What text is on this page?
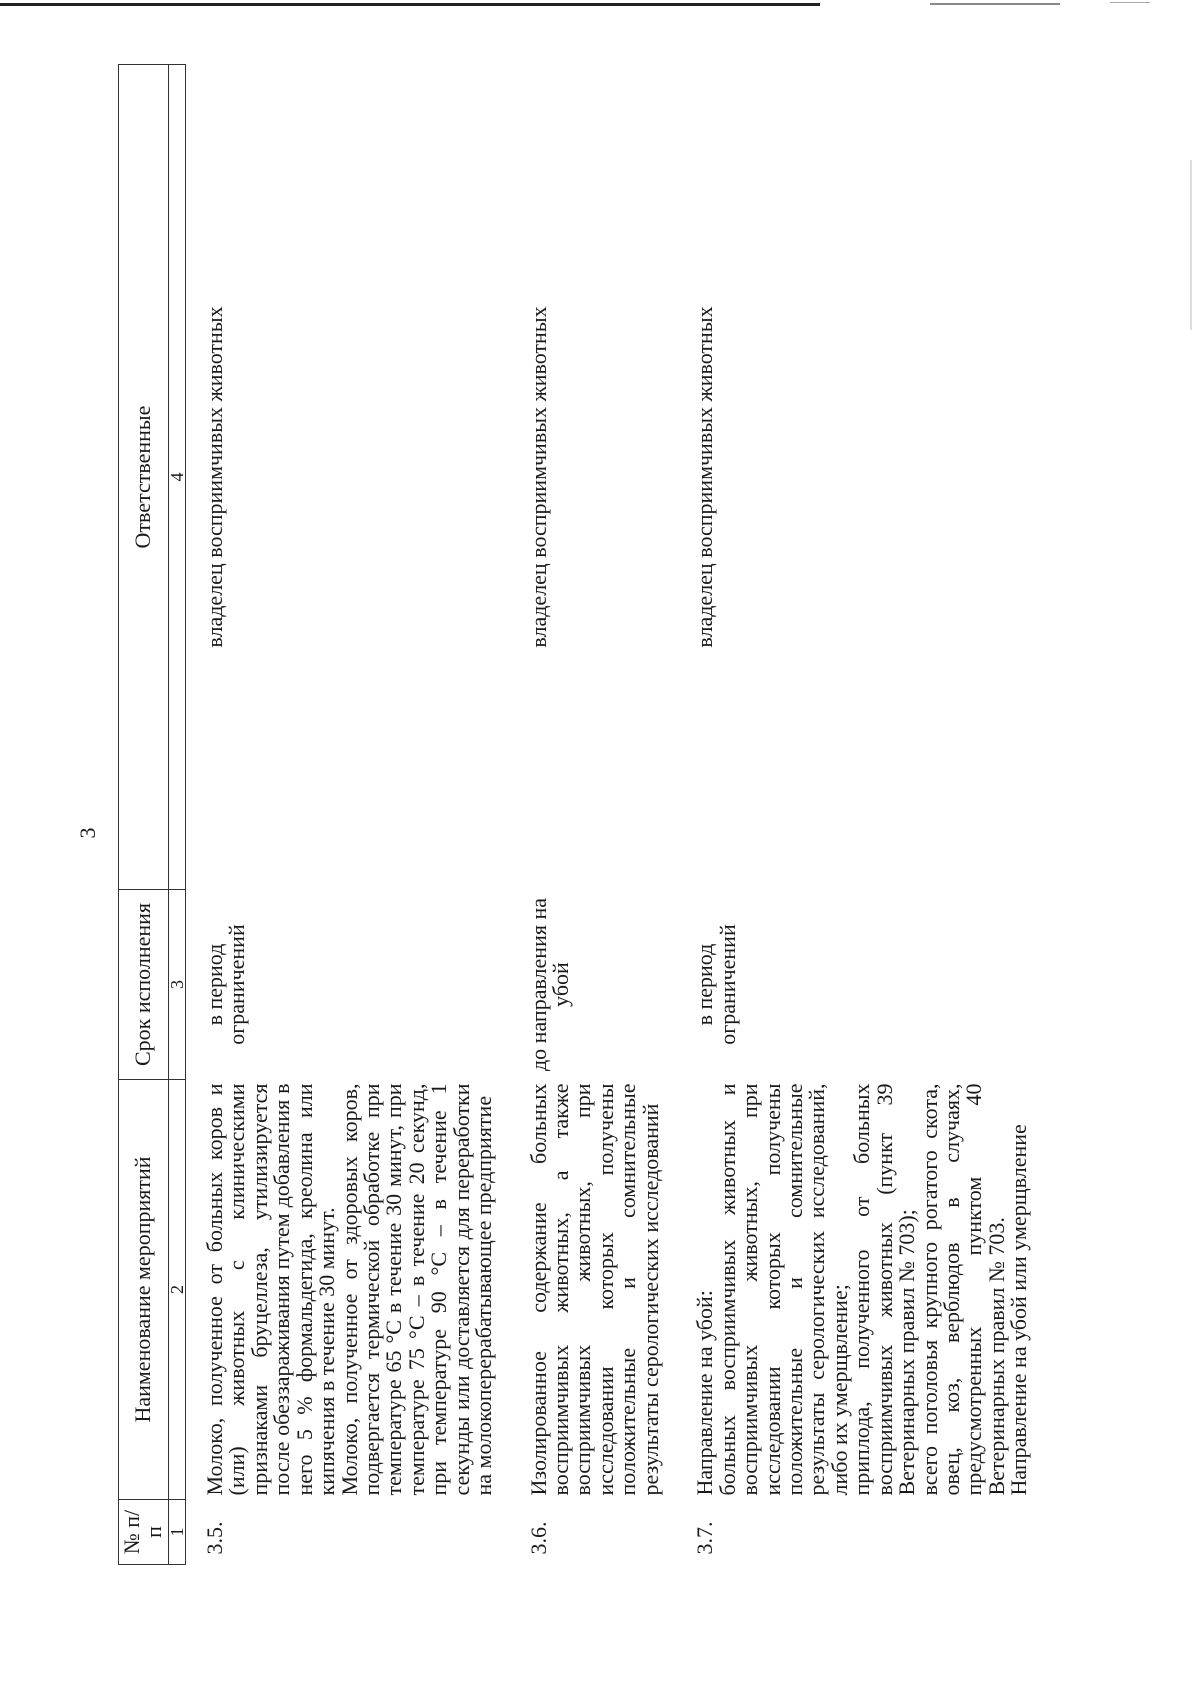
3
№ п/п	Наименование мероприятий	Срок исполнения	Ответственные
1	2	3	4
3.5.	Молоко, полученное от больных коров и (или) животных с клиническими признаками бруцеллеза, утилизируется после обеззараживания путем добавления в него 5 % формальдегида, креолина или кипячения в течение 30 минут.
Молоко, полученное от здоровых коров, подвергается термической обработке при температуре 65 °С в течение 30 минут, при температуре 75 °С – в течение 20 секунд, при температуре 90 °С – в течение 1 секунды или доставляется для переработки на молокоперерабатывающее предприятие	в период ограничений	владелец восприимчивых животных
3.6.	Изолированное содержание больных восприимчивых животных, а также восприимчивых животных, при исследовании которых получены положительные и сомнительные результаты серологических исследований	до направления на убой	владелец восприимчивых животных
3.7.	Направление на убой:
больных восприимчивых животных и восприимчивых животных, при исследовании которых получены положительные и сомнительные результаты серологических исследований, либо их умерщвление;
приплода, полученного от больных восприимчивых животных (пункт 39 Ветеринарных правил № 703);
всего поголовья крупного рогатого скота, овец, коз, верблюдов в случаях, предусмотренных пунктом 40 Ветеринарных правил № 703.
Направление на убой или умерщвление	в период ограничений	владелец восприимчивых животных
